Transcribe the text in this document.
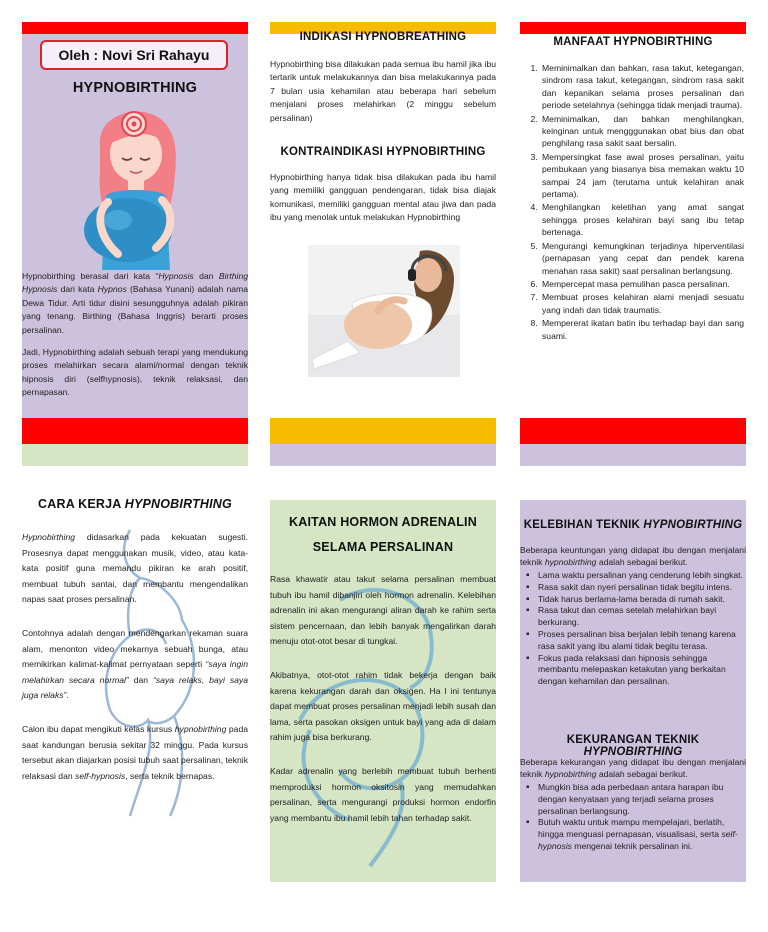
Oleh : Novi Sri Rahayu
HYPNOBIRTHING
Hypnobirthing berasal dari kata “Hypnosis dan Birthing Hypnosis dari kata Hypnos (Bahasa Yunani) adalah nama Dewa Tidur. Arti tidur disini sesungguhnya adalah pikiran yang tenang. Birthing (Bahasa Inggris) berarti proses persalinan.
Jadi, Hypnobirthing adalah sebuah terapi yang mendukung proses melahirkan secara alami/normal dengan teknik hipnosis diri (selfhypnosis), teknik relaksasi, dan pernapasan.
INDIKASI HYPNOBREATHING
Hypnobirthing bisa dilakukan pada semua ibu hamil jika ibu tertarik untuk melakukannya dan bisa melakukannya pada 7 bulan usia kehamilan atau beberapa hari sebelum menjalani proses melahirkan (2 minggu sebelum persalinan)
KONTRAINDIKASI HYPNOBIRTHING
Hypnobirthing hanya tidak bisa dilakukan pada ibu hamil yang memiliki gangguan pendengaran, tidak bisa diajak komunikasi, memiliki gangguan mental atau jiwa dan pada ibu yang menolak untuk melakukan Hypnobirthing
MANFAAT HYPNOBIRTHING
1. Meminimalkan dan bahkan, rasa takut, ketegangan, sindrom rasa takut, ketegangan, sindrom rasa sakit dan kepanikan selama proses persalinan dan periode setelahnya (sehingga tidak menjadi trauma).
2. Meminimalkan, dan bahkan menghilangkan, keinginan untuk mengggunakan obat bius dan obat penghilang rasa sakit saat bersalin.
3. Mempersingkat fase awal proses persalinan, yaitu pembukaan yang biasanya bisa memakan waktu 10 sampai 24 jam (terutama untuk kelahiran anak pertama).
4. Menghilangkan keletihan yang amat sangat sehingga proses kelahiran bayi sang ibu tetap bertenaga.
5. Mengurangi kemungkinan terjadinya hiperventilasi (pernapasan yang cepat dan pendek karena menahan rasa sakit) saat persalinan berlangsung.
6. Mempercepat masa pemulihan pasca persalinan.
7. Membuat proses kelahiran alami menjadi sesuatu yang indah dan tidak traumatis.
8. Mempererat ikatan batin ibu terhadap bayi dan sang suami.
CARA KERJA HYPNOBIRTHING
Hypnobirthing didasarkan pada kekuatan sugesti. Prosesnya dapat menggunakan musik, video, atau kata-kata positif guna memandu pikiran ke arah positif, membuat tubuh santai, dan membantu mengendalikan napas saat proses persalinan.
Contohnya adalah dengan mendengarkan rekaman suara alam, menonton video mekarnya sebuah bunga, atau memikirkan kalimat-kalimat pernyataan seperti “saya ingin melahirkan secara normal” dan “saya relaks, bayi saya juga relaks”.
Calon ibu dapat mengikuti kelas kursus hypnobirthing pada saat kandungan berusia sekitar 32 minggu. Pada kursus tersebut akan diajarkan posisi tubuh saat persalinan, teknik relaksasi dan self-hypnosis, serta teknik bernapas.
KAITAN HORMON ADRENALIN
SELAMA PERSALINAN
Rasa khawatir atau takut selama persalinan membuat tubuh ibu hamil dibanjiri oleh hormon adrenalin. Kelebihan adrenalin ini akan mengurangi aliran darah ke rahim serta sistem pencernaan, dan lebih banyak mengalirkan darah menuju otot-otot besar di tungkai.
Akibatnya, otot-otot rahim tidak bekerja dengan baik karena kekurangan darah dan oksigen. Ha l ini tentunya dapat membuat proses persalinan menjadi lebih susah dan lama, serta pasokan oksigen untuk bayi yang ada di dalam rahim juga bisa berkurang.
Kadar adrenalin yang berlebih membuat tubuh berhenti memproduksi hormon oksitosin yang memudahkan persalinan, serta mengurangi produksi hormon endorfin yang membantu ibu hamil lebih tahan terhadap sakit.
KELEBIHAN TEKNIK HYPNOBIRTHING
Beberapa keuntungan yang didapat ibu dengan menjalani teknik hypnobirthing adalah sebagai berikut.
▪ Lama waktu persalinan yang cenderung lebih singkat.
▪ Rasa sakit dan nyeri persalinan tidak begitu intens.
▪ Tidak harus berlama-lama berada di rumah sakit.
▪ Rasa takut dan cemas setelah melahirkan bayi berkurang.
▪ Proses persalinan bisa berjalan lebih tenang karena rasa sakit yang ibu alami tidak begitu terasa.
▪ Fokus pada relaksasi dan hipnosis sehingga membantu melepaskan ketakutan yang berkaitan dengan kehamilan dan persalinan.
KEKURANGAN TEKNIK HYPNOBIRTHING
Beberapa kekurangan yang didapat ibu dengan menjalani teknik hypnobirthing adalah sebagai berikut.
▪ Mungkin bisa ada perbedaan antara harapan ibu dengan kenyataan yang terjadi selama proses persalinan berlangsung.
▪ Butuh waktu untuk mampu mempelajari, berlatih, hingga menguasi pernapasan, visualisasi, serta self-hypnosis mengenai teknik persalinan ini.
